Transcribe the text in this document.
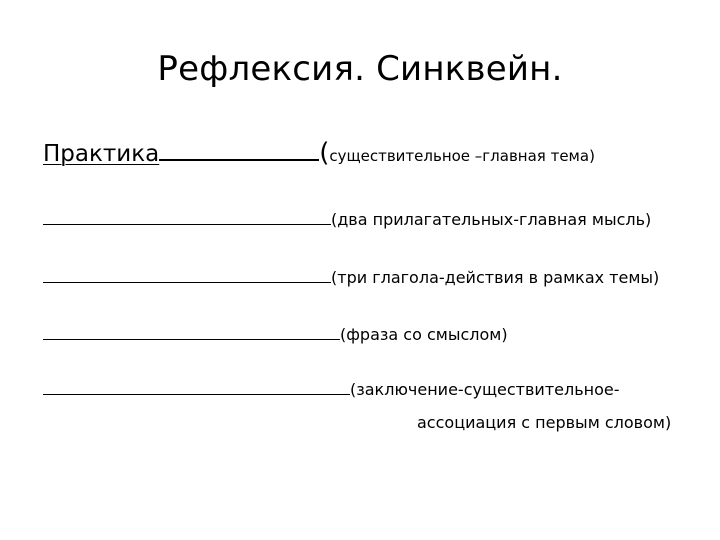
Рефлексия. Синквейн.
Практика	(существительное –главная тема)
(два прилагательных-главная мысль)
(три глагола-действия в рамках темы)
(фраза со смыслом)
(заключение-существительное-
ассоциация с первым словом)
